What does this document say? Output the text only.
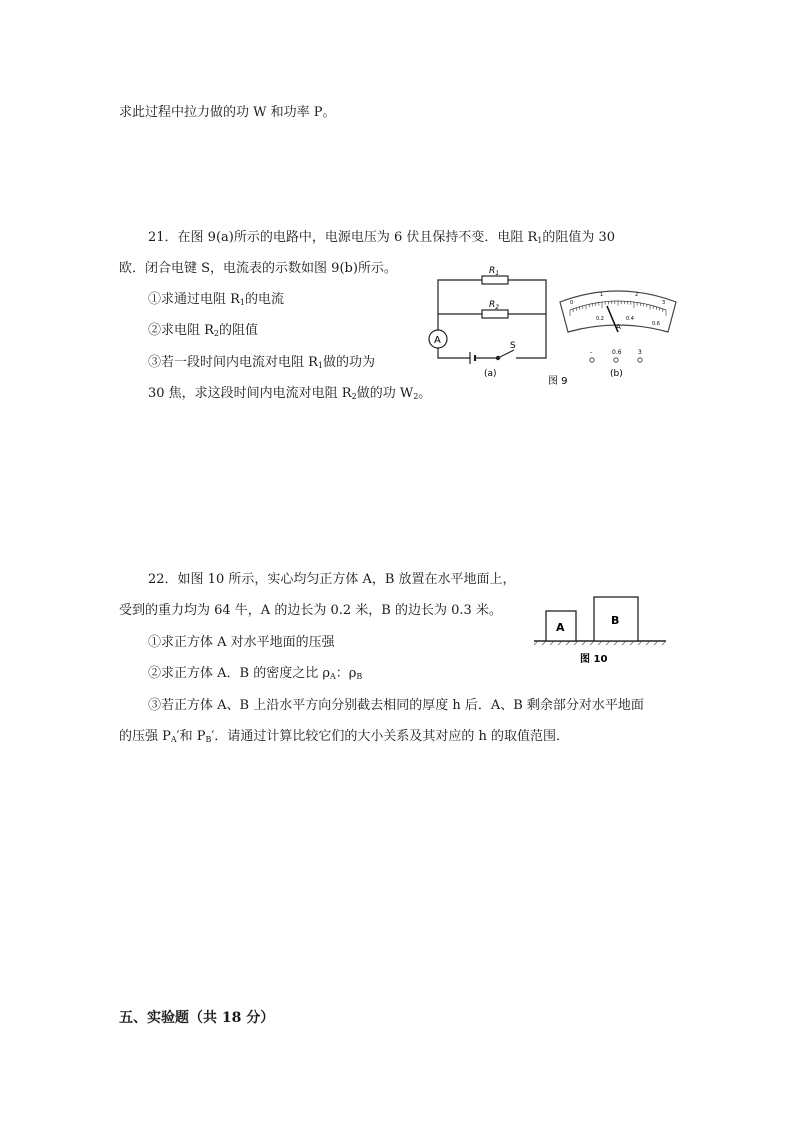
求此过程中拉力做的功 W 和功率 P。
21．在图 9(a)所示的电路中，电源电压为 6 伏且保持不变．电阻 $R_1$的阻值为 30
欧．闭合电键 S，电流表的示数如图 9(b)所示。
①求通过电阻 $R_1$的电流
②求电阻 $R_2$的阻值
③若一段时间内电流对电阻 $R_1$做的功为
30 焦，求这段时间内电流对电阻 $R_2$做的功 $W_2$。
$R_1$
$R_2$
A	S
(a)
图 9
(b)
0
1	2
3
0.2	0.4
0.6
A
-	0.6	3
22．如图 10 所示，实心均匀正方体 A，B 放置在水平地面上，
受到的重力均为 64 牛，A 的边长为 0.2 米，B 的边长为 0.3 米。
①求正方体 A 对水平地面的压强
②求正方体 A．B 的密度之比 $\rho_A$：$\rho_B$
③若正方体 A、B 上沿水平方向分别截去相同的厚度 h 后．A、B 剩余部分对水平地面
的压强 $P_A'$和 $P_B'$．请通过计算比较它们的大小关系及其对应的 h 的取值范围．
A
B
图 10
五、实验题（共 18 分）
